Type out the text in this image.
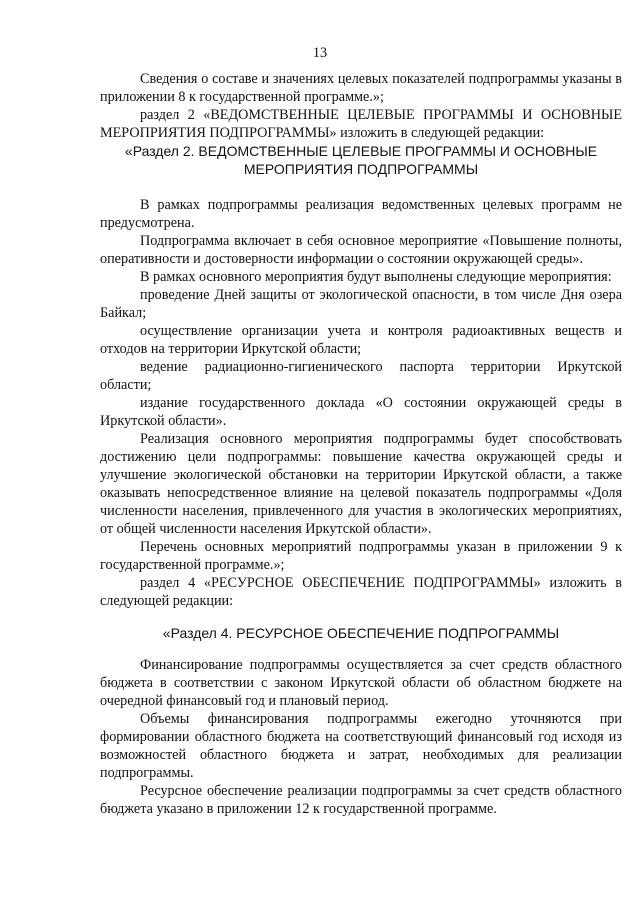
13

Сведения о составе и значениях целевых показателей подпрограммы указаны в приложении 8 к государственной программе.»;

раздел 2 «ВЕДОМСТВЕННЫЕ ЦЕЛЕВЫЕ ПРОГРАММЫ И ОСНОВНЫЕ МЕРОПРИЯТИЯ ПОДПРОГРАММЫ» изложить в следующей редакции:

«Раздел 2. ВЕДОМСТВЕННЫЕ ЦЕЛЕВЫЕ ПРОГРАММЫ И ОСНОВНЫЕ МЕРОПРИЯТИЯ ПОДПРОГРАММЫ

В рамках подпрограммы реализация ведомственных целевых программ не предусмотрена.

Подпрограмма включает в себя основное мероприятие «Повышение полноты, оперативности и достоверности информации о состоянии окружающей среды».

В рамках основного мероприятия будут выполнены следующие мероприятия:

проведение Дней защиты от экологической опасности, в том числе Дня озера Байкал;

осуществление организации учета и контроля радиоактивных веществ и отходов на территории Иркутской области;

ведение радиационно-гигиенического паспорта территории Иркутской области;

издание государственного доклада «О состоянии окружающей среды в Иркутской области».

Реализация основного мероприятия подпрограммы будет способствовать достижению цели подпрограммы: повышение качества окружающей среды и улучшение экологической обстановки на территории Иркутской области, а также оказывать непосредственное влияние на целевой показатель подпрограммы «Доля численности населения, привлеченного для участия в экологических мероприятиях, от общей численности населения Иркутской области».

Перечень основных мероприятий подпрограммы указан в приложении 9 к государственной программе.»;

раздел 4 «РЕСУРСНОЕ ОБЕСПЕЧЕНИЕ ПОДПРОГРАММЫ» изложить в следующей редакции:

«Раздел 4. РЕСУРСНОЕ ОБЕСПЕЧЕНИЕ ПОДПРОГРАММЫ

Финансирование подпрограммы осуществляется за счет средств областного бюджета в соответствии с законом Иркутской области об областном бюджете на очередной финансовый год и плановый период.

Объемы финансирования подпрограммы ежегодно уточняются при формировании областного бюджета на соответствующий финансовый год исходя из возможностей областного бюджета и затрат, необходимых для реализации подпрограммы.

Ресурсное обеспечение реализации подпрограммы за счет средств областного бюджета указано в приложении 12 к государственной программе.
